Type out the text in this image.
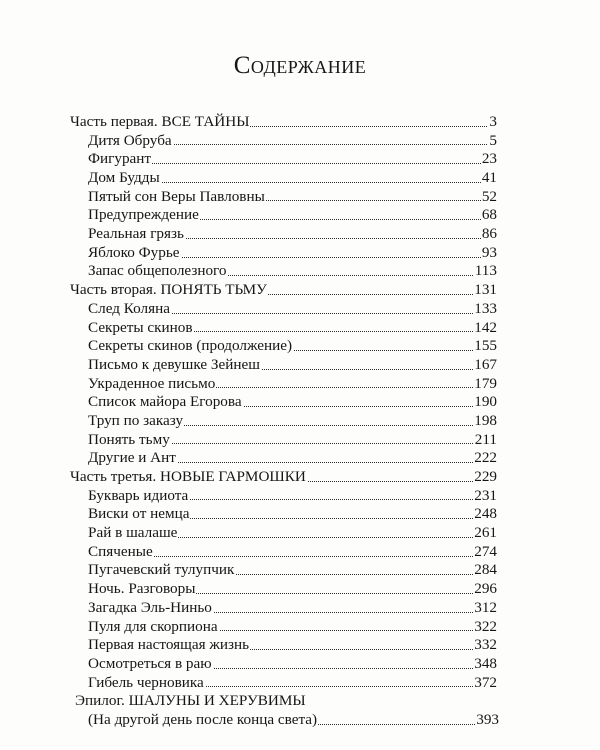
Содержание
Часть первая. ВСЕ ТАЙНЫ	3
Дитя Обруба	5
Фигурант	23
Дом Будды	41
Пятый сон Веры Павловны	52
Предупреждение	68
Реальная грязь	86
Яблоко Фурье	93
Запас общеполезного	113
Часть вторая. ПОНЯТЬ ТЬМУ	131
След Коляна	133
Секреты скинов	142
Секреты скинов (продолжение)	155
Письмо к девушке Зейнеш	167
Украденное письмо	179
Список майора Егорова	190
Труп по заказу	198
Понять тьму	211
Другие и Ант	222
Часть третья. НОВЫЕ ГАРМОШКИ	229
Букварь идиота	231
Виски от немца	248
Рай в шалаше	261
Спяченые	274
Пугачевский тулупчик	284
Ночь. Разговоры	296
Загадка Эль-Ниньо	312
Пуля для скорпиона	322
Первая настоящая жизнь	332
Осмотреться в раю	348
Гибель черновика	372
Эпилог. ШАЛУНЫ И ХЕРУВИМЫ
(На другой день после конца света)	393
